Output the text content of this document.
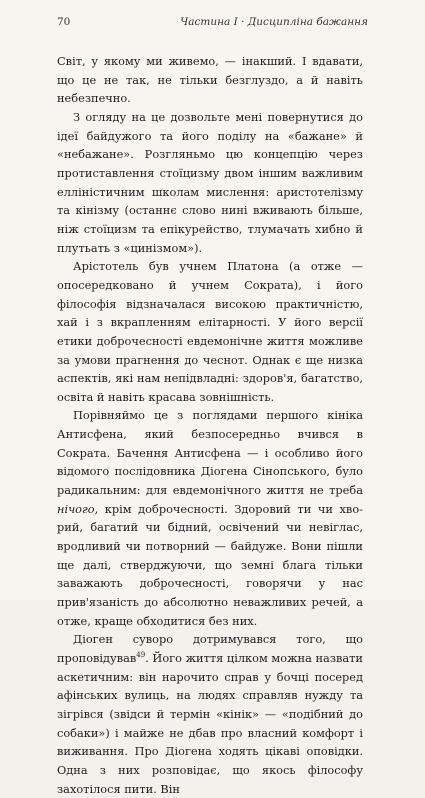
70	Частина І · Дисципліна бажання

Світ, у якому ми живемо, — інакший. І вдавати, що це не так, не тільки безглуздо, а й навіть небезпечно.

З огляду на це дозвольте мені повернутися до ідеї байдужого та його поділу на «бажане» й «небажане». Розгляньмо цю концепцію через протиставлення стоїцизму двом іншим важливим елліністичним школам мислення: аристотелізму та кінізму (останнє слово нині вживають більше, ніж стоїцизм та епікурейство, тлумачать хибно й плутьать з «цинізмом»).

Арістотель був учнем Платона (а отже — опосередковано й учнем Сократа), і його філософія відзначалася високою практичністю, хай і з вкрапленням елітарності. У його версії етики доброчесності евдемонічне життя можливе за умови прагнення до чеснот. Однак є ще низка аспектів, які нам непідвладні: здоров'я, багатство, освіта й навіть красава зовнішність.

Порівняймо це з поглядами першого кініка Антисфена, який безпосередньо вчився в Сократа. Бачення Антисфена — і особливо його відомого послідовника Діогена Сінопського, було радикальним: для евдемонічного життя не треба нічого, крім доброчесності. Здоровий ти чи хворий, багатий чи бідний, освічений чи невіглас, вродливий чи потворний — байдуже. Вони пішли ще далі, стверджуючи, що земні блага тільки заважають доброчесності, говорячи у нас прив'язаність до абсолютно неважливих речей, а отже, краще обходитися без них.

Діоген суворо дотримувався того, що проповідував$^{49}$. Його життя цілком можна назвати аскетичним: він нарочито справ у бочці посеред афінських вулиць, на людях справляв нужду та зігрівся (звідси й термін «кінік» — «подібний до собаки») і майже не дбав про власний комфорт і виживання. Про Діогена ходять цікаві оповідки. Одна з них розповідає, що якось філософу захотілося пити. Він
